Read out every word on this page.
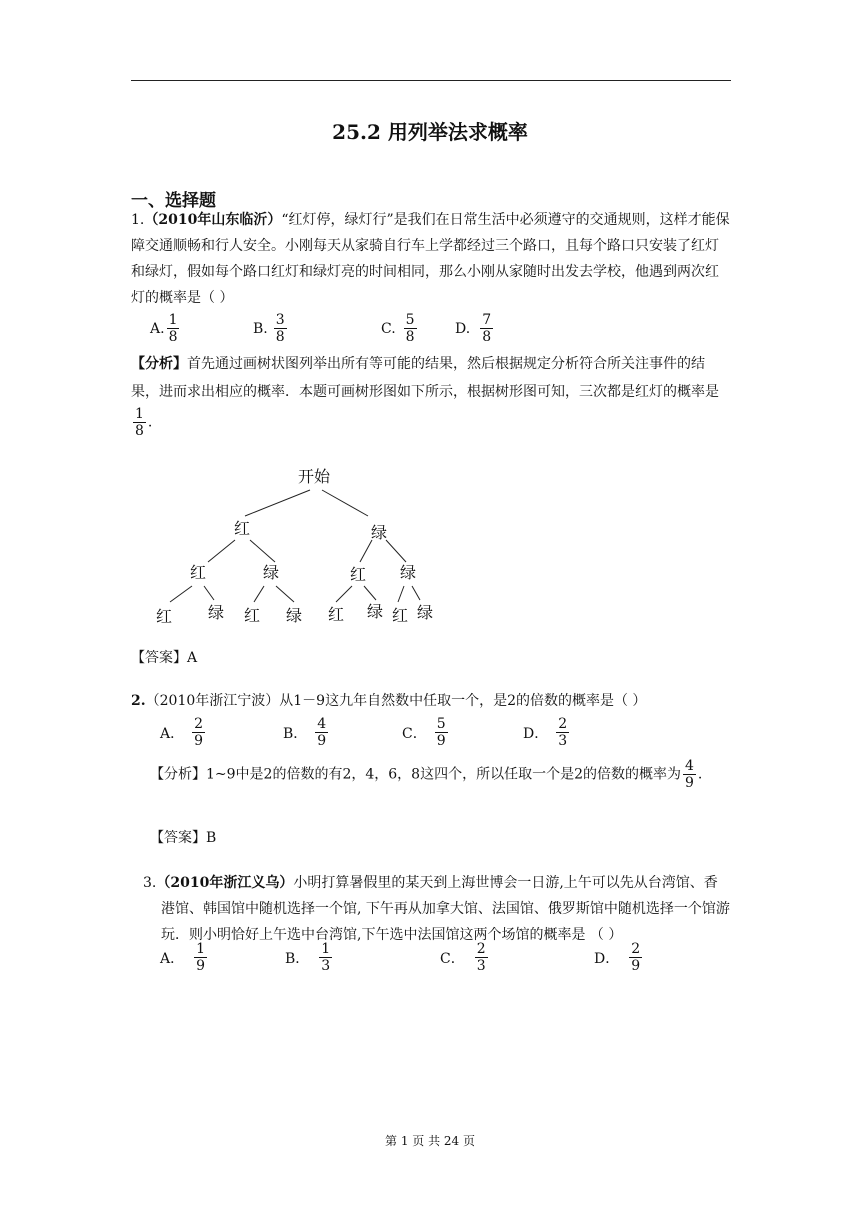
25.2 用列举法求概率
一、选择题
1.（2010年山东临沂）“红灯停，绿灯行”是我们在日常生活中必须遵守的交通规则，这样才能保障交通顺畅和行人安全。小刚每天从家骑自行车上学都经过三个路口，且每个路口只安装了红灯和绿灯，假如每个路口红灯和绿灯亮的时间相同，那么小刚从家随时出发去学校，他遇到两次红灯的概率是（ ）
A. $\frac{1}{8}$	B. $\frac{3}{8}$	C. $\frac{5}{8}$	D. $\frac{7}{8}$
【分析】首先通过画树状图列举出所有等可能的结果，然后根据规定分析符合所关注事件的结果，进而求出相应的概率．本题可画树形图如下所示，根据树形图可知，三次都是红灯的概率是
$\frac{1}{8}$ .
开始
红	绿
红	绿	红 绿
红 绿 红 绿 红 绿 红 绿
【答案】A
2.（2010年浙江宁波）从1－9这九年自然数中任取一个，是2的倍数的概率是（ ）
A． $\frac{2}{9}$	B． $\frac{4}{9}$	C． $\frac{5}{9}$	D． $\frac{2}{3}$
【分析】1~9中是2的倍数的有2，4，6，8这四个，所以任取一个是2的倍数的概率为 $\frac{4}{9}$ .
【答案】B
3.（2010年浙江义乌）小明打算暑假里的某天到上海世博会一日游,上午可以先从台湾馆、香港馆、韩国馆中随机选择一个馆, 下午再从加拿大馆、法国馆、俄罗斯馆中随机选择一个馆游玩．则小明恰好上午选中台湾馆,下午选中法国馆这两个场馆的概率是 （ ）
A． $\frac{1}{9}$	B． $\frac{1}{3}$	C． $\frac{2}{3}$	D． $\frac{2}{9}$
第 1 页 共 24 页
